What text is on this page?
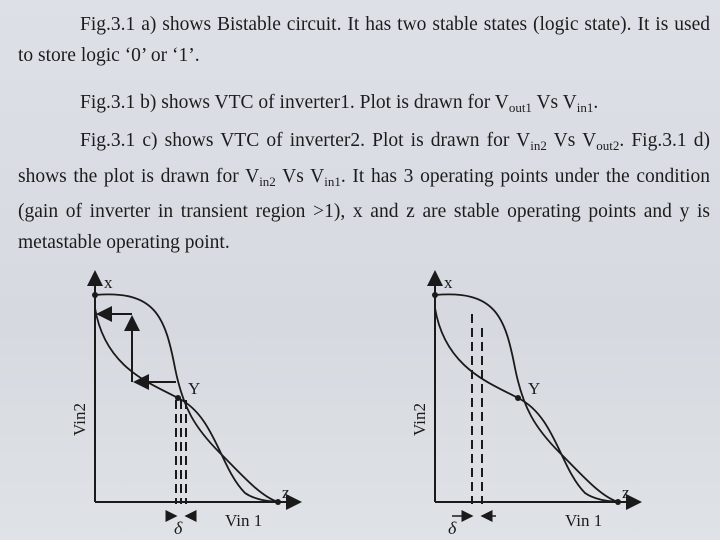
Fig.3.1 a) shows Bistable circuit. It has two stable states (logic state). It is used to store logic ‘0’ or ‘1’.
Fig.3.1 b) shows VTC of inverter1. Plot is drawn for $V_{out1}$ Vs $V_{in1}$.
Fig.3.1 c) shows VTC of inverter2. Plot is drawn for $V_{in2}$ Vs $V_{out2}$. Fig.3.1 d) shows the plot is drawn for $V_{in2}$ Vs $V_{in1}$. It has 3 operating points under the condition (gain of inverter in transient region >1), x and z are stable operating points and y is metastable operating point.
x
Y
z
Vin2
Vin 1
δ
x
Y
z
Vin2
Vin 1
δ
